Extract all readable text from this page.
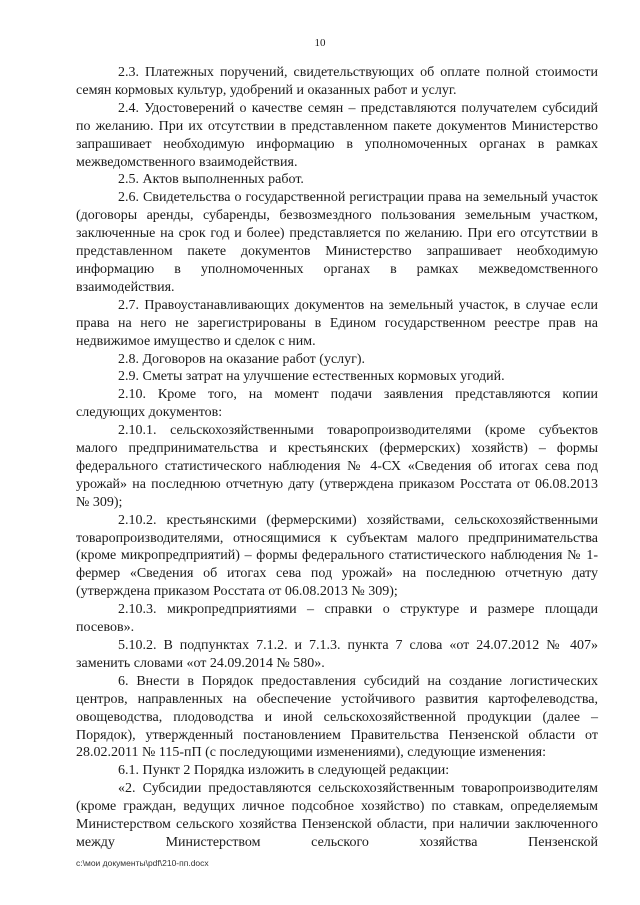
10

2.3. Платежных поручений, свидетельствующих об оплате полной стоимости семян кормовых культур, удобрений и оказанных работ и услуг.

2.4. Удостоверений о качестве семян – представляются получателем субсидий по желанию. При их отсутствии в представленном пакете документов Министерство запрашивает необходимую информацию в уполномоченных органах в рамках межведомственного взаимодействия.

2.5. Актов выполненных работ.

2.6. Свидетельства о государственной регистрации права на земельный участок (договоры аренды, субаренды, безвозмездного пользования земельным участком, заключенные на срок год и более) представляется по желанию. При его отсутствии в представленном пакете документов Министерство запрашивает необходимую информацию в уполномоченных органах в рамках межведомственного взаимодействия.

2.7. Правоустанавливающих документов на земельный участок, в случае если права на него не зарегистрированы в Едином государственном реестре прав на недвижимое имущество и сделок с ним.

2.8. Договоров на оказание работ (услуг).

2.9. Сметы затрат на улучшение естественных кормовых угодий.

2.10. Кроме того, на момент подачи заявления представляются копии следующих документов:

2.10.1. сельскохозяйственными товаропроизводителями (кроме субъектов малого предпринимательства и крестьянских (фермерских) хозяйств) – формы федерального статистического наблюдения № 4-СХ «Сведения об итогах сева под урожай» на последнюю отчетную дату (утверждена приказом Росстата от 06.08.2013 № 309);

2.10.2. крестьянскими (фермерскими) хозяйствами, сельскохозяйственными товаропроизводителями, относящимися к субъектам малого предпринимательства (кроме микропредприятий) – формы федерального статистического наблюдения № 1-фермер «Сведения об итогах сева под урожай» на последнюю отчетную дату (утверждена приказом Росстата от 06.08.2013 № 309);

2.10.3. микропредприятиями – справки о структуре и размере площади посевов».

5.10.2. В подпунктах 7.1.2. и 7.1.3. пункта 7 слова «от 24.07.2012 № 407» заменить словами «от 24.09.2014 № 580».

6. Внести в Порядок предоставления субсидий на создание логистических центров, направленных на обеспечение устойчивого развития картофелеводства, овощеводства, плодоводства и иной сельскохозяйственной продукции (далее – Порядок), утвержденный постановлением Правительства Пензенской области от 28.02.2011 № 115-пП (с последующими изменениями), следующие изменения:

6.1. Пункт 2 Порядка изложить в следующей редакции:

«2. Субсидии предоставляются сельскохозяйственным товаропроизводителям (кроме граждан, ведущих личное подсобное хозяйство) по ставкам, определяемым Министерством сельского хозяйства Пензенской области, при наличии заключенного между Министерством сельского хозяйства Пензенской

c:\мои документы\pdf\210-пп.docx
